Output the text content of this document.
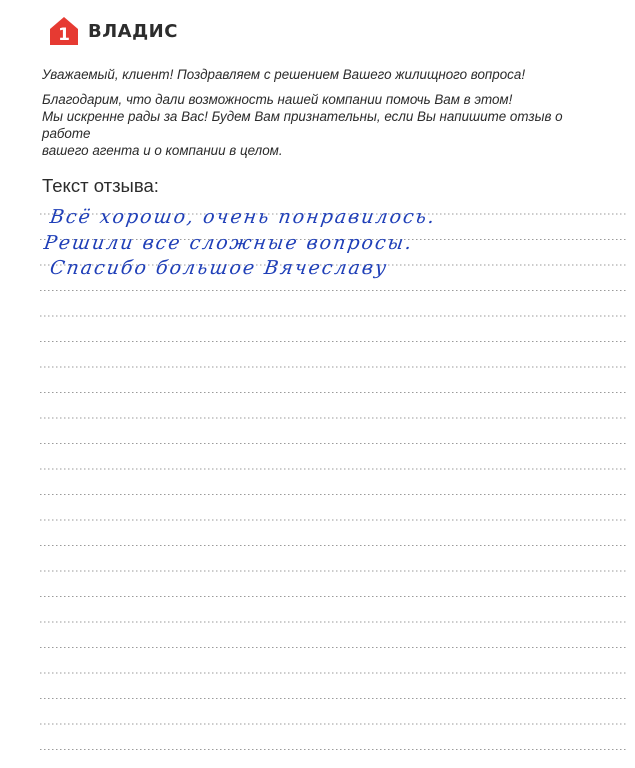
1 ВЛАДИС

Уважаемый, клиент! Поздравляем с решением Вашего жилищного вопроса!

Благодарим, что дали возможность нашей компании помочь Вам в этом!
Мы искренне рады за Вас! Будем Вам признательны, если Вы напишите отзыв о работе
вашего агента и о компании в целом.

Текст отзыва:
Всё хорошо, очень понравилось.
Решили все сложные вопросы.
Спасибо большое Вячеславу
